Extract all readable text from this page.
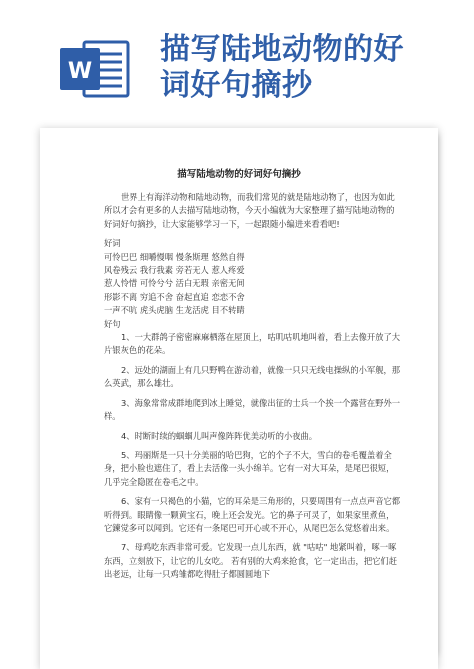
W
描写陆地动物的好
词好句摘抄
描写陆地动物的好词好句摘抄

世界上有海洋动物和陆地动物，而我们常见的就是陆地动物了，也因为如此所以才会有更多的人去描写陆地动物，今天小编就为大家整理了描写陆地动物的好词好句摘抄，让大家能够学习一下，一起跟随小编进来看看吧!

好词

可怜巴巴 细嚼慢咽 慢条斯理 悠然自得

风卷残云 我行我素 旁若无人 惹人疼爱

惹人怜惜 可怜兮兮 活白无瑕 亲密无间

形影不离 穷追不舍 奋起直追 恋恋不舍

一声不吭 虎头虎脑 生龙活虎 目不转睛

好句

1、一大群鸽子密密麻麻栖落在屋顶上，咕叽咕叽地叫着，看上去像开放了大片银灰色的花朵。

2、远处的湖面上有几只野鸭在游动着，就像一只只无线电操纵的小军舰，那么英武，那么雄壮。

3、海象常常成群地爬到冰上睡觉，就像出征的士兵一个挨一个露营在野外一样。

4、时断时续的蝈蝈儿叫声像阵阵优美动听的小夜曲。

5、玛丽斯是一只十分美丽的哈巴狗，它的个子不大，雪白的卷毛覆盖着全身，把小脸也遮住了，看上去活像一头小绵羊。它有一对大耳朵，是尾巴很短，几乎完全隐匿在卷毛之中。

6、家有一只褐色的小猫，它的耳朵是三角形的，只要周围有一点点声音它都听得到。眼睛像一颗黄宝石，晚上还会发光。它的鼻子可灵了，如果家里煮鱼，它鍊觉多可以闻到。它还有一条尾巴可开心或不开心，从尾巴怎么觉悠着出来。

7、母鸡吃东西非常可爱。它发现一点儿东西，就 "咕咕" 地紧叫着，啄一啄东西，立刻放下，让它的儿女吃。 若有别的大鸡来抢食，它一定出击，把它们赶出老远，让每一只鸡雏都吃得肚子都圆圆地下
